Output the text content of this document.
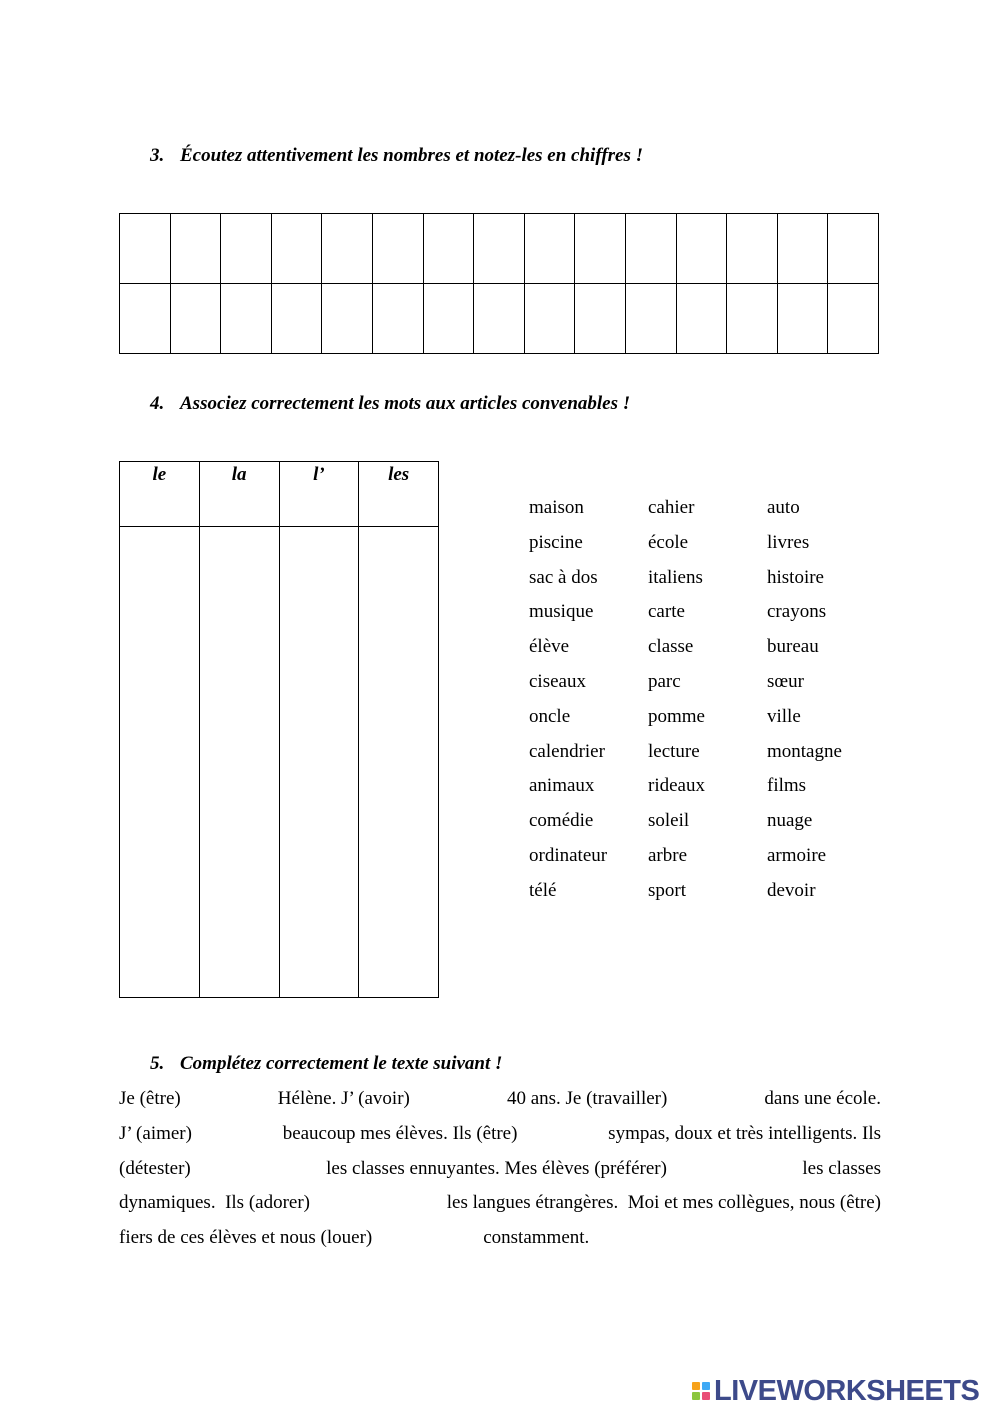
3. Écoutez attentivement les nombres et notez-les en chiffres !

4. Associez correctement les mots aux articles convenables !
le	la	l’	les

maison	cahier	auto
piscine	école	livres
sac à dos	italiens	histoire
musique	carte	crayons
élève	classe	bureau
ciseaux	parc	sœur
oncle	pomme	ville
calendrier	lecture	montagne
animaux	rideaux	films
comédie	soleil	nuage
ordinateur	arbre	armoire
télé	sport	devoir
5. Complétez correctement le texte suivant !
Je (être)	Hélène. J’ (avoir)	40 ans. Je (travailler)	dans une école.
J’ (aimer)	beaucoup mes élèves. Ils (être)	sympas, doux et très intelligents. Ils
(détester)	les classes ennuyantes. Mes élèves (préférer)	les classes
dynamiques.  Ils (adorer)	les langues étrangères.  Moi et mes collègues, nous (être)
fiers de ces élèves et nous (louer)	constamment.
LIVEWORKSHEETS
